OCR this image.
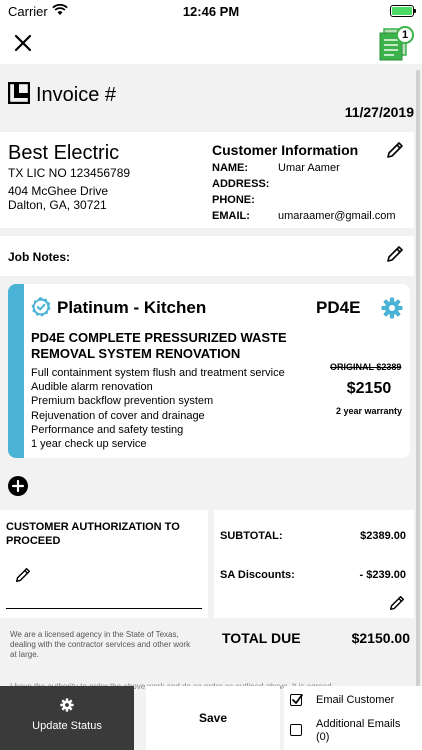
Carrier	12:46 PM
1
Invoice #
11/27/2019
Best Electric
TX LIC NO 123456789
404 McGhee Drive
Dalton, GA, 30721
Customer Information
NAME:	Umar Aamer
ADDRESS:
PHONE:
EMAIL:	umaraamer@gmail.com
Job Notes:
Platinum - Kitchen	PD4E
PD4E COMPLETE PRESSURIZED WASTE REMOVAL SYSTEM RENOVATION
Full containment system flush and treatment service
Audible alarm renovation
Premium backflow prevention system
Rejuvenation of cover and drainage
Performance and safety testing
1 year check up service
ORIGINAL $2389
$2150
2 year warranty
CUSTOMER AUTHORIZATION TO PROCEED	SUBTOTAL:	$2389.00
SA Discounts:	- $239.00
We are a licensed agency in the State of Texas, dealing with the contractor services and other work at large.
TOTAL DUE	$2150.00
above
Update Status
Save
Email Customer
Additional Emails (0)
